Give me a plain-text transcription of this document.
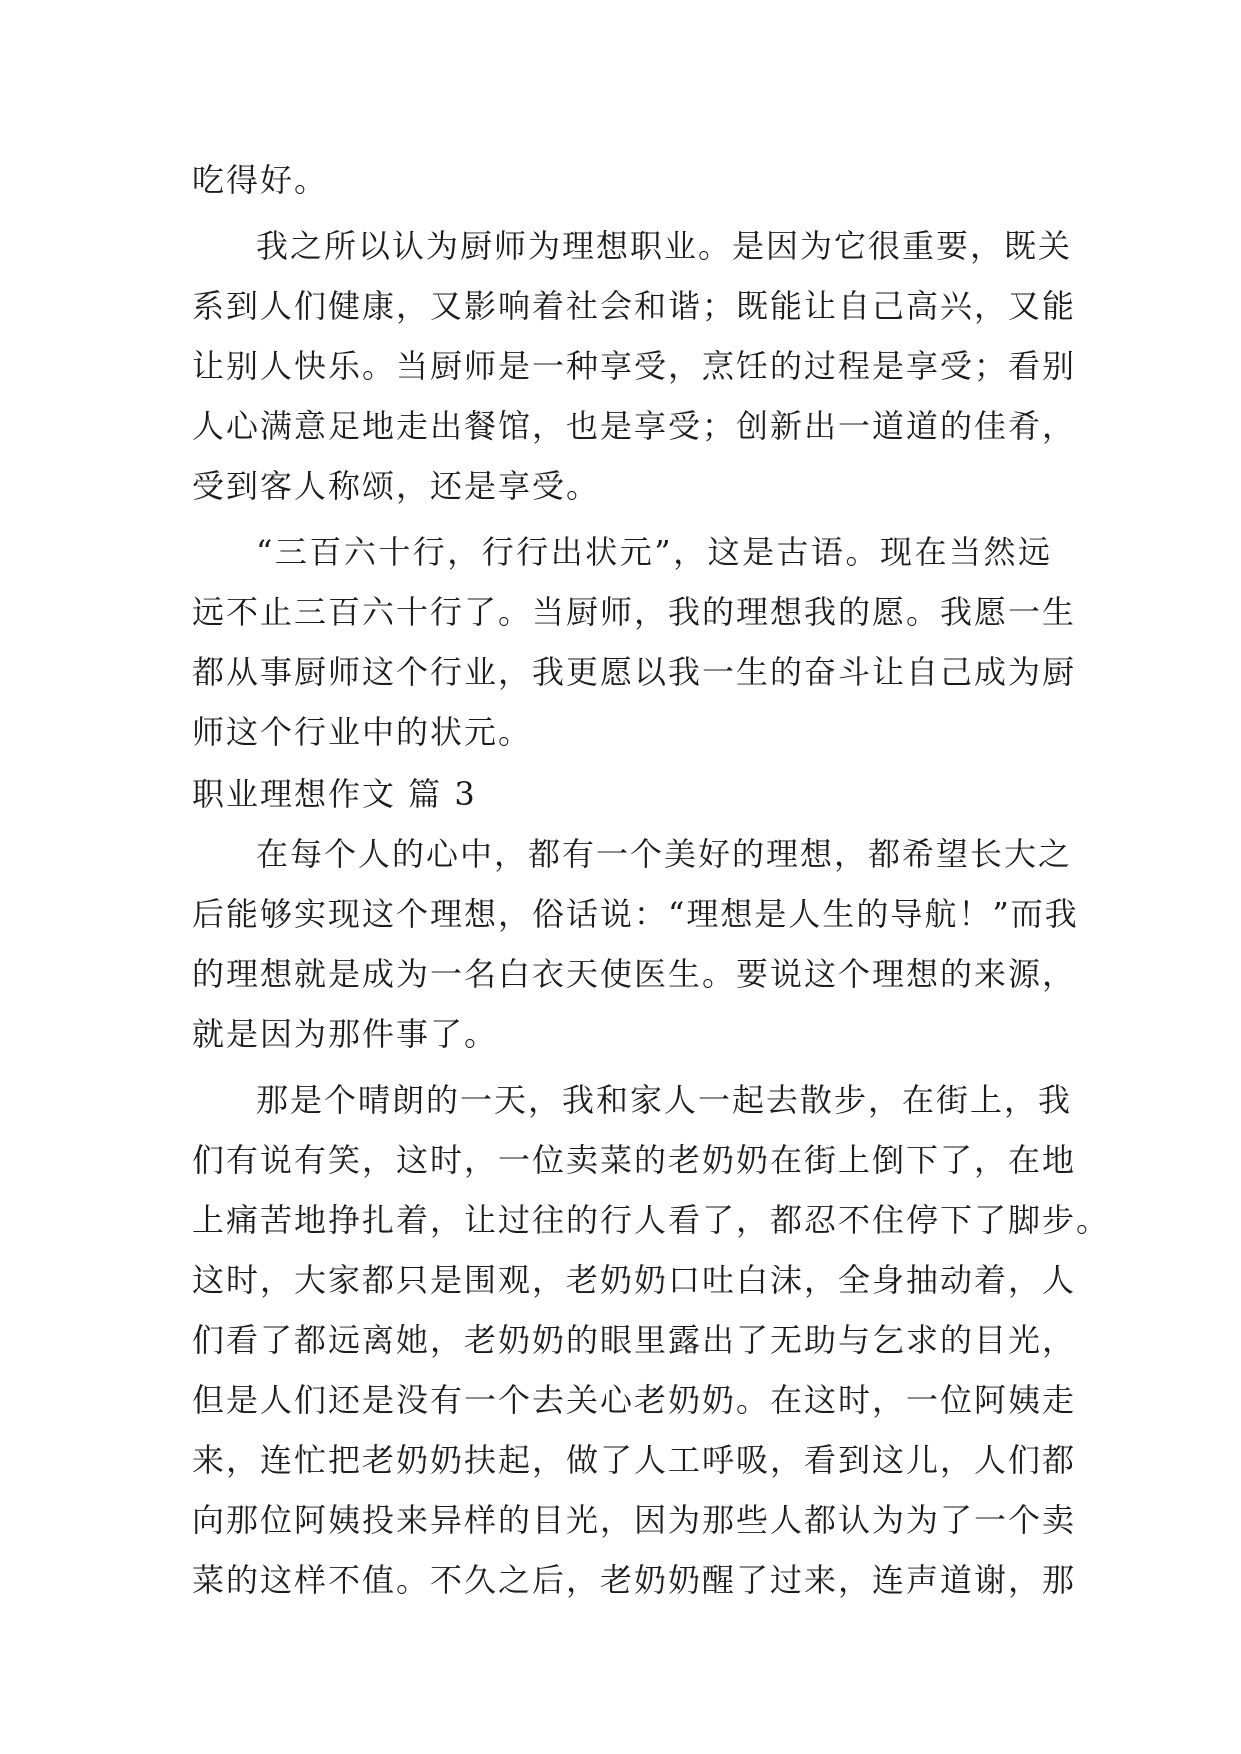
吃得好。
我之所以认为厨师为理想职业。是因为它很重要，既关
系到人们健康，又影响着社会和谐；既能让自己高兴，又能
让别人快乐。当厨师是一种享受，烹饪的过程是享受；看别
人心满意足地走出餐馆，也是享受；创新出一道道的佳肴，
受到客人称颂，还是享受。
“三百六十行，行行出状元”，这是古语。现在当然远
远不止三百六十行了。当厨师，我的理想我的愿。我愿一生
都从事厨师这个行业，我更愿以我一生的奋斗让自己成为厨
师这个行业中的状元。
职业理想作文 篇 3
在每个人的心中，都有一个美好的理想，都希望长大之
后能够实现这个理想，俗话说：“理想是人生的导航！”而我
的理想就是成为一名白衣天使医生。要说这个理想的来源，
就是因为那件事了。
那是个晴朗的一天，我和家人一起去散步，在街上，我
们有说有笑，这时，一位卖菜的老奶奶在街上倒下了，在地
上痛苦地挣扎着，让过往的行人看了，都忍不住停下了脚步。
这时，大家都只是围观，老奶奶口吐白沫，全身抽动着，人
们看了都远离她，老奶奶的眼里露出了无助与乞求的目光，
但是人们还是没有一个去关心老奶奶。在这时，一位阿姨走
来，连忙把老奶奶扶起，做了人工呼吸，看到这儿，人们都
向那位阿姨投来异样的目光，因为那些人都认为为了一个卖
菜的这样不值。不久之后，老奶奶醒了过来，连声道谢，那
